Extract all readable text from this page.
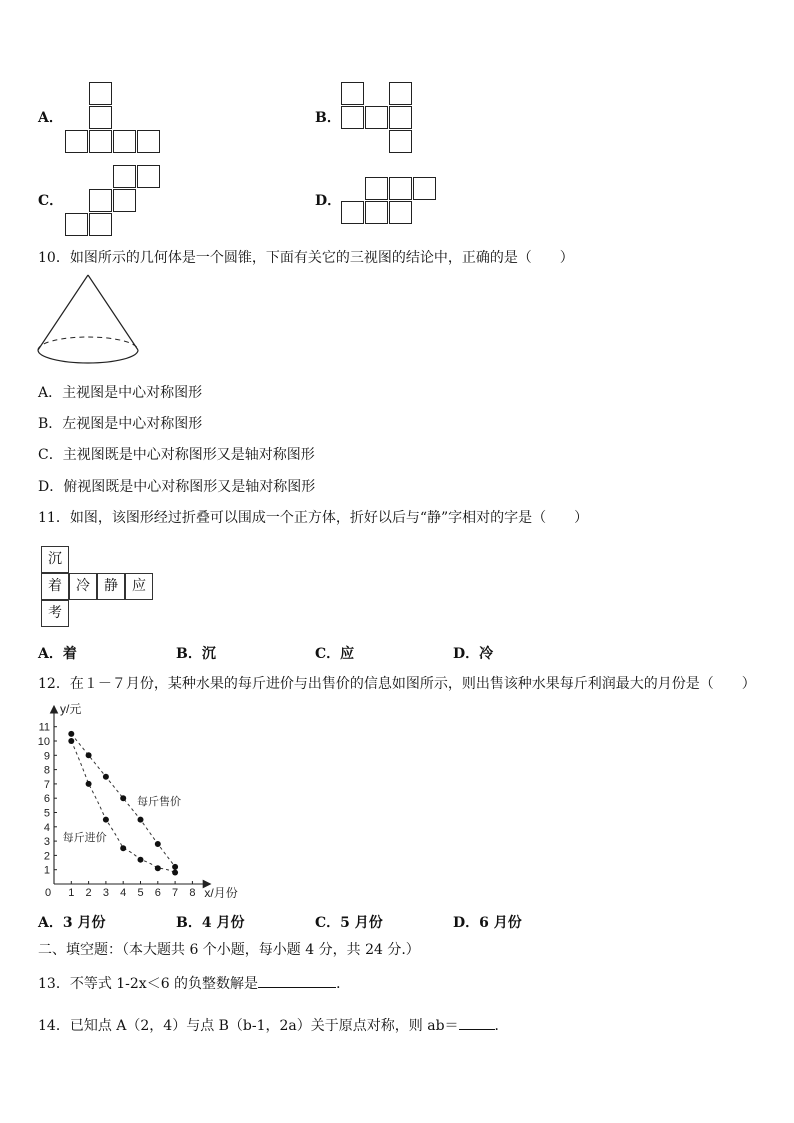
A．	B．
C．	D．
10．如图所示的几何体是一个圆锥，下面有关它的三视图的结论中，正确的是（　　）
A．主视图是中心对称图形
B．左视图是中心对称图形
C．主视图既是中心对称图形又是轴对称图形
D．俯视图既是中心对称图形又是轴对称图形
11．如图，该图形经过折叠可以围成一个正方体，折好以后与“静”字相对的字是（　　）
沉
着	冷	静	应
考
A．着	B．沉	C．应	D．冷
12．在１－７月份，某种水果的每斤进价与出售价的信息如图所示，则出售该种水果每斤利润最大的月份是（　　）
0 1 2 3 4 5 6 7 8
1
2
3
4
5
6
7
8
9
10
11
y/元
x/月份
每斤售价
每斤进价
A．3 月份	B．4 月份	C．5 月份	D．6 月份
二、填空题：（本大题共 6 个小题，每小题 4 分，共 24 分.）
13．不等式 1-2x＜6 的负整数解是	．
14．已知点 A（2，4）与点 B（b-1，2a）关于原点对称，则 ab＝	．
